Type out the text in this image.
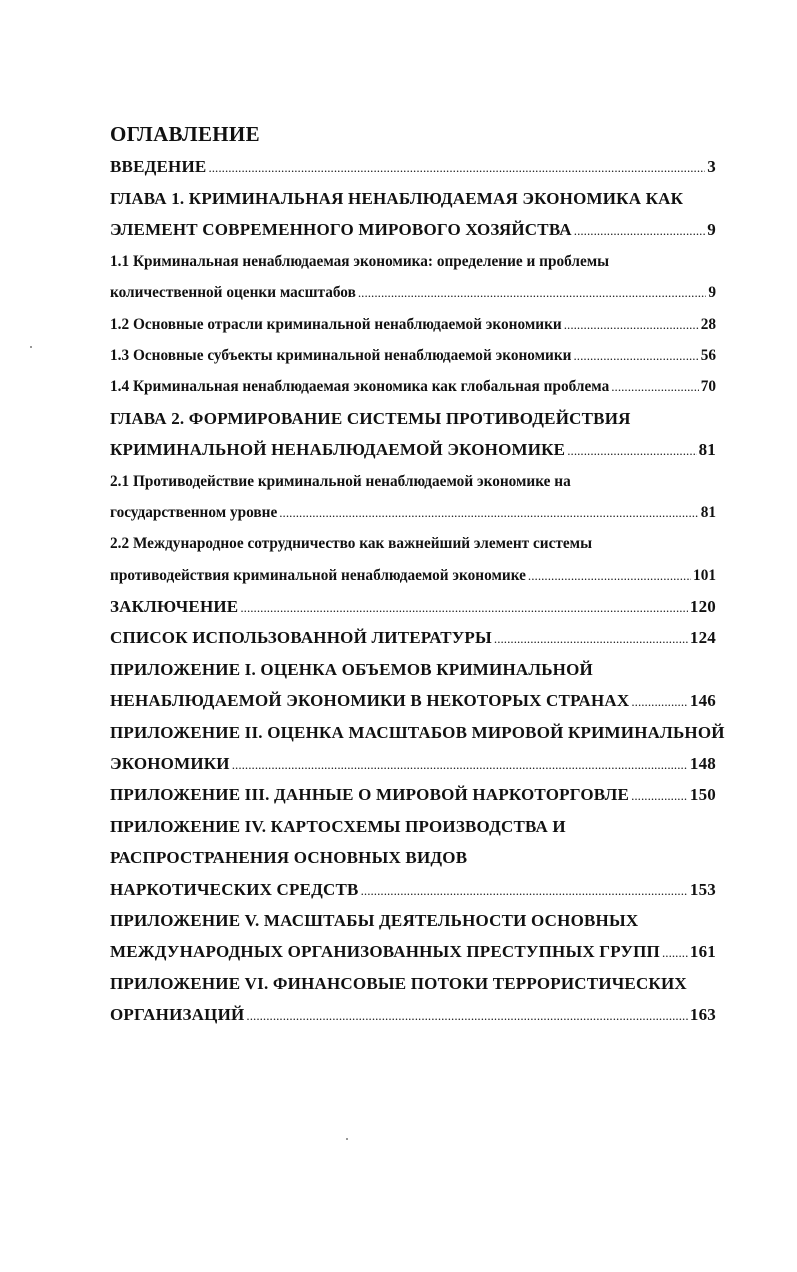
ОГЛАВЛЕНИЕ
ВВЕДЕНИЕ . . .	3
ГЛАВА 1. КРИМИНАЛЬНАЯ НЕНАБЛЮДАЕМАЯ ЭКОНОМИКА КАК
ЭЛЕМЕНТ СОВРЕМЕННОГО МИРОВОГО ХОЗЯЙСТВА . . .	9
1.1 Криминальная ненаблюдаемая экономика: определение и проблемы
количественной оценки масштабов . . .	9
1.2 Основные отрасли криминальной ненаблюдаемой экономики . . .	28
1.3 Основные субъекты криминальной ненаблюдаемой экономики . . .	56
1.4 Криминальная ненаблюдаемая экономика как глобальная проблема . . .	70
ГЛАВА 2. ФОРМИРОВАНИЕ СИСТЕМЫ ПРОТИВОДЕЙСТВИЯ
КРИМИНАЛЬНОЙ НЕНАБЛЮДАЕМОЙ ЭКОНОМИКЕ . . .	81
2.1 Противодействие криминальной ненаблюдаемой экономике на
государственном уровне . . .	81
2.2 Международное сотрудничество как важнейший элемент системы
противодействия криминальной ненаблюдаемой экономике . . .	101
ЗАКЛЮЧЕНИЕ . . .	120
СПИСОК ИСПОЛЬЗОВАННОЙ ЛИТЕРАТУРЫ . . .	124
ПРИЛОЖЕНИЕ I. ОЦЕНКА ОБЪЕМОВ КРИМИНАЛЬНОЙ
НЕНАБЛЮДАЕМОЙ ЭКОНОМИКИ В НЕКОТОРЫХ СТРАНАХ . . .	146
ПРИЛОЖЕНИЕ II. ОЦЕНКА МАСШТАБОВ МИРОВОЙ КРИМИНАЛЬНОЙ
ЭКОНОМИКИ . . .	148
ПРИЛОЖЕНИЕ III. ДАННЫЕ О МИРОВОЙ НАРКОТОРГОВЛЕ . . .	150
ПРИЛОЖЕНИЕ IV. КАРТОСХЕМЫ ПРОИЗВОДСТВА И
РАСПРОСТРАНЕНИЯ ОСНОВНЫХ ВИДОВ
НАРКОТИЧЕСКИХ СРЕДСТВ . . .	153
ПРИЛОЖЕНИЕ V. МАСШТАБЫ ДЕЯТЕЛЬНОСТИ ОСНОВНЫХ
МЕЖДУНАРОДНЫХ ОРГАНИЗОВАННЫХ ПРЕСТУПНЫХ ГРУПП . . . 161
ПРИЛОЖЕНИЕ VI. ФИНАНСОВЫЕ ПОТОКИ ТЕРРОРИСТИЧЕСКИХ
ОРГАНИЗАЦИЙ . . .	163
